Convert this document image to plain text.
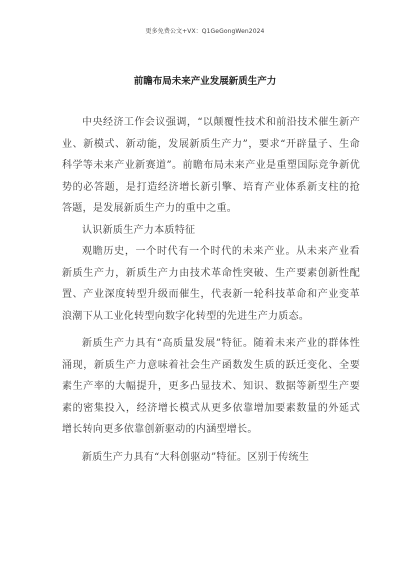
更多免费公文+VX：Q1GeGongWen2024
前瞻布局未来产业发展新质生产力

中央经济工作会议强调，“以颠覆性技术和前沿技术催生新产业、新模式、新动能，发展新质生产力”，要求“开辟量子、生命科学等未来产业新赛道”。前瞻布局未来产业是重塑国际竞争新优势的必答题，是打造经济增长新引擎、培育产业体系新支柱的抢答题，是发展新质生产力的重中之重。

认识新质生产力本质特征

观瞻历史，一个时代有一个时代的未来产业。从未来产业看新质生产力，新质生产力由技术革命性突破、生产要素创新性配置、产业深度转型升级而催生，代表新一轮科技革命和产业变革浪潮下从工业化转型向数字化转型的先进生产力质态。

新质生产力具有“高质量发展”特征。随着未来产业的群体性涌现，新质生产力意味着社会生产函数发生质的跃迁变化、全要素生产率的大幅提升，更多凸显技术、知识、数据等新型生产要素的密集投入，经济增长模式从更多依靠增加要素数量的外延式增长转向更多依靠创新驱动的内涵型增长。

新质生产力具有“大科创驱动”特征。区别于传统生
